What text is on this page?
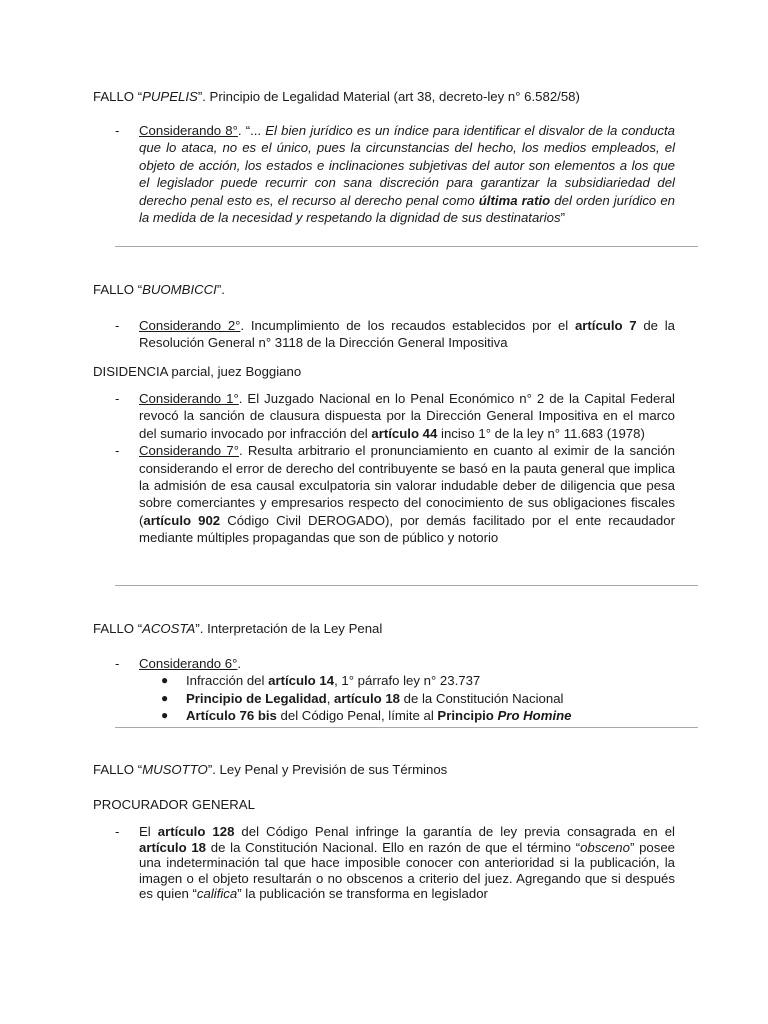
FALLO “PUPELIS”. Principio de Legalidad Material (art 38, decreto-ley n° 6.582/58)
- Considerando 8°. “... El bien jurídico es un índice para identificar el disvalor de la conducta que lo ataca, no es el único, pues la circunstancias del hecho, los medios empleados, el objeto de acción, los estados e inclinaciones subjetivas del autor son elementos a los que el legislador puede recurrir con sana discreción para garantizar la subsidiariedad del derecho penal esto es, el recurso al derecho penal como última ratio del orden jurídico en la medida de la necesidad y respetando la dignidad de sus destinatarios”
FALLO “BUOMBICCI”.
- Considerando 2°. Incumplimiento de los recaudos establecidos por el artículo 7 de la Resolución General n° 3118 de la Dirección General Impositiva
DISIDENCIA parcial, juez Boggiano
- Considerando 1°. El Juzgado Nacional en lo Penal Económico n° 2 de la Capital Federal revocó la sanción de clausura dispuesta por la Dirección General Impositiva en el marco del sumario invocado por infracción del artículo 44 inciso 1° de la ley n° 11.683 (1978)
- Considerando 7°. Resulta arbitrario el pronunciamiento en cuanto al eximir de la sanción considerando el error de derecho del contribuyente se basó en la pauta general que implica la admisión de esa causal exculpatoria sin valorar indudable deber de diligencia que pesa sobre comerciantes y empresarios respecto del conocimiento de sus obligaciones fiscales (artículo 902 Código Civil DEROGADO), por demás facilitado por el ente recaudador mediante múltiples propagandas que son de público y notorio
FALLO “ACOSTA”. Interpretación de la Ley Penal
- Considerando 6°.
● Infracción del artículo 14, 1° párrafo ley n° 23.737
● Principio de Legalidad, artículo 18 de la Constitución Nacional
● Artículo 76 bis del Código Penal, límite al Principio Pro Homine
FALLO “MUSOTTO”. Ley Penal y Previsión de sus Términos
PROCURADOR GENERAL
- El artículo 128 del Código Penal infringe la garantía de ley previa consagrada en el artículo 18 de la Constitución Nacional. Ello en razón de que el término “obsceno” posee una indeterminación tal que hace imposible conocer con anterioridad si la publicación, la imagen o el objeto resultarán o no obscenos a criterio del juez. Agregando que si después es quien “califica” la publicación se transforma en legislador
